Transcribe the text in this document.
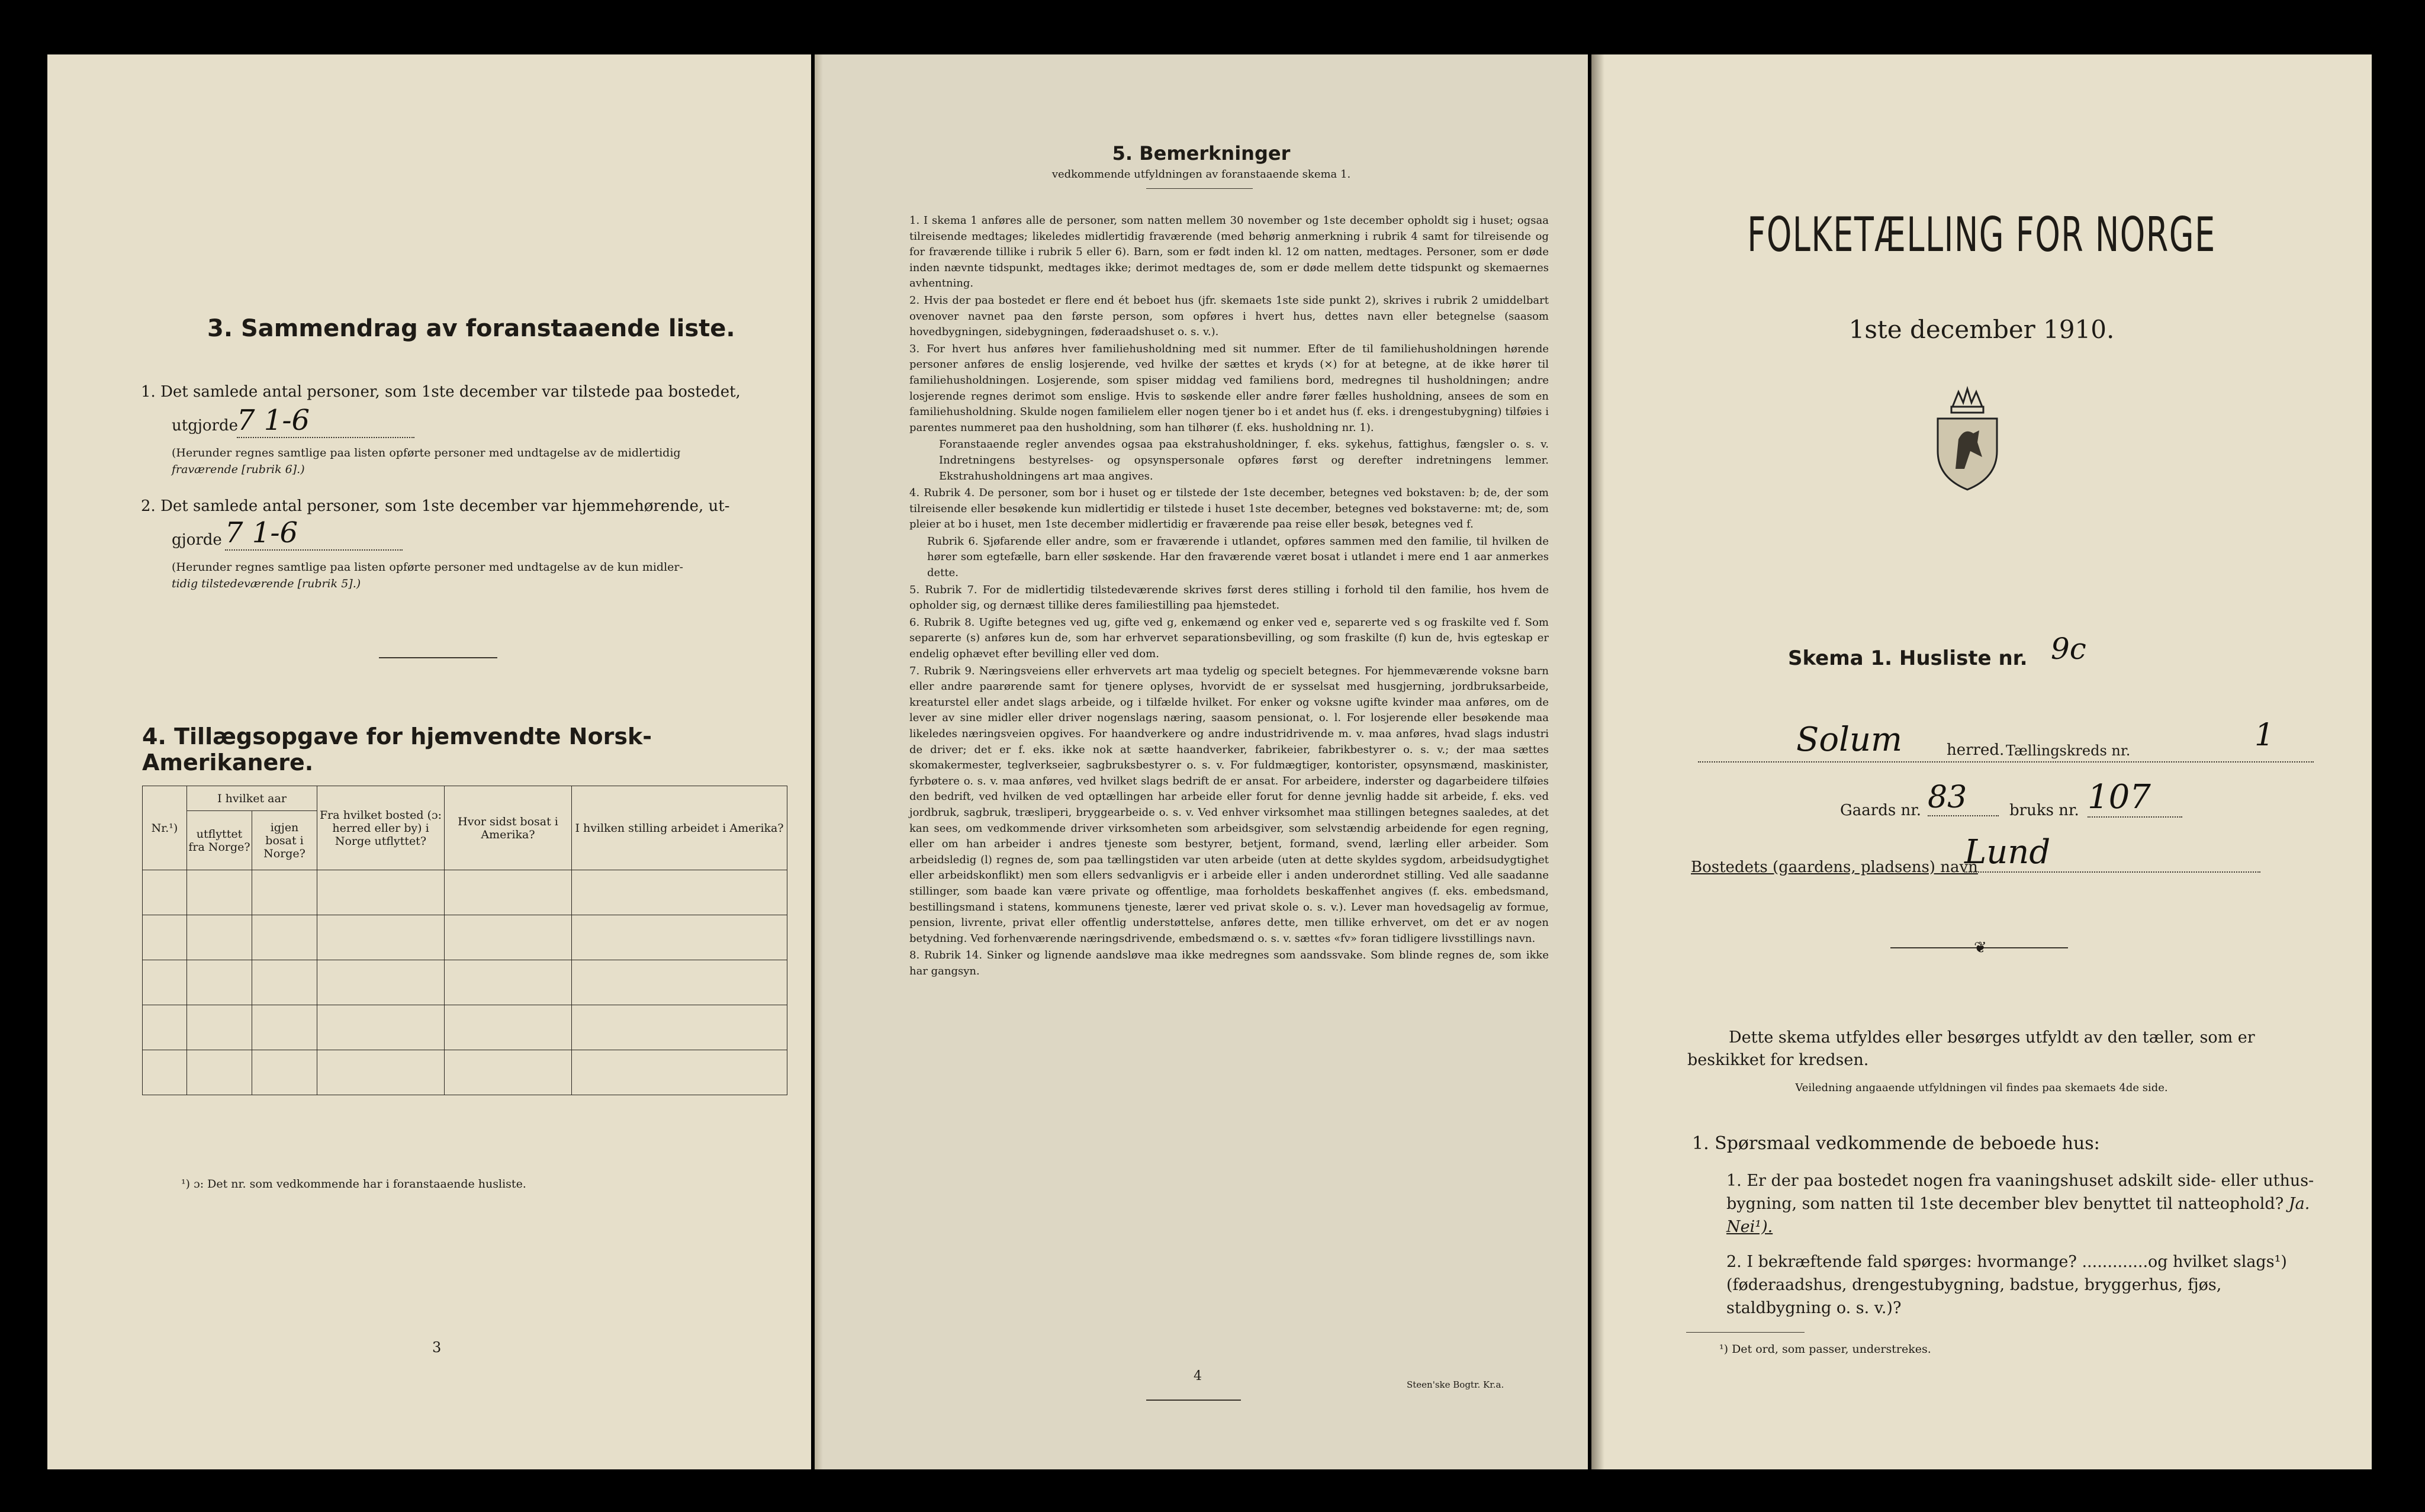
3. Sammendrag av foranstaaende liste.
1. Det samlede antal personer, som 1ste december var tilstede paa bostedet,
utgjorde
7 1-6
(Herunder regnes samtlige paa listen opførte personer med undtagelse av de midlertidig
fraværende [rubrik 6].)
2. Det samlede antal personer, som 1ste december var hjemmehørende, ut-
gjorde 7 1-6
(Herunder regnes samtlige paa listen opførte personer med undtagelse av de kun midler-
tidig tilstedeværende [rubrik 5].)
4. Tillægsopgave for hjemvendte Norsk-Amerikanere.
Nr.¹)	I hvilket aar		Fra hvilket bosted (ɔ: herred eller by) i Norge utflyttet?	Hvor sidst bosat i Amerika?	I hvilken stilling arbeidet i Amerika?
	utflyttet fra Norge?	igjen bosat i Norge?			

¹) ɔ: Det nr. som vedkommende har i foranstaaende husliste.
3
5. Bemerkninger
vedkommende utfyldningen av foranstaaende skema 1.

1. I skema 1 anføres alle de personer, som natten mellem 30 november og 1ste december opholdt sig i huset; ogsaa tilreisende medtages; likeledes midlertidig fraværende (med behørig anmerkning i rubrik 4 samt for tilreisende og for fraværende tillike i rubrik 5 eller 6). Barn, som er født inden kl. 12 om natten, medtages. Personer, som er døde inden nævnte tidspunkt, medtages ikke; derimot medtages de, som er døde mellem dette tidspunkt og skemaernes avhentning.

2. Hvis der paa bostedet er flere end ét beboet hus (jfr. skemaets 1ste side punkt 2), skrives i rubrik 2 umiddelbart ovenover navnet paa den første person, som opføres i hvert hus, dettes navn eller betegnelse (saasom hovedbygningen, sidebygningen, føderaadshuset o. s. v.).

3. For hvert hus anføres hver familiehusholdning med sit nummer. Efter de til familiehusholdningen hørende personer anføres de enslig losjerende, ved hvilke der sættes et kryds (×) for at betegne, at de ikke hører til familiehusholdningen. Losjerende, som spiser middag ved familiens bord, medregnes til husholdningen; andre losjerende regnes derimot som enslige. Hvis to søskende eller andre fører fælles husholdning, ansees de som en familiehusholdning. Skulde nogen familielem eller nogen tjener bo i et andet hus (f. eks. i drengestubygning) tilføies i parentes nummeret paa den husholdning, som han tilhører (f. eks. husholdning nr. 1).

Foranstaaende regler anvendes ogsaa paa ekstrahusholdninger, f. eks. sykehus, fattighus, fængsler o. s. v. Indretningens bestyrelses- og opsynspersonale opføres først og derefter indretningens lemmer. Ekstrahusholdningens art maa angives.

4. Rubrik 4. De personer, som bor i huset og er tilstede der 1ste december, betegnes ved bokstaven: b; de, der som tilreisende eller besøkende kun midlertidig er tilstede i huset 1ste december, betegnes ved bokstaverne: mt; de, som pleier at bo i huset, men 1ste december midlertidig er fraværende paa reise eller besøk, betegnes ved f.

Rubrik 6. Sjøfarende eller andre, som er fraværende i utlandet, opføres sammen med den familie, til hvilken de hører som egtefælle, barn eller søskende. Har den fraværende været bosat i utlandet i mere end 1 aar anmerkes dette.

5. Rubrik 7. For de midlertidig tilstedeværende skrives først deres stilling i forhold til den familie, hos hvem de opholder sig, og dernæst tillike deres familiestilling paa hjemstedet.

6. Rubrik 8. Ugifte betegnes ved ug, gifte ved g, enkemænd og enker ved e, separerte ved s og fraskilte ved f. Som separerte (s) anføres kun de, som har erhvervet separationsbevilling, og som fraskilte (f) kun de, hvis egteskap er endelig ophævet efter bevilling eller ved dom.

7. Rubrik 9. Næringsveiens eller erhvervets art maa tydelig og specielt betegnes. For hjemmeværende voksne barn eller andre paarørende samt for tjenere oplyses, hvorvidt de er sysselsat med husgjerning, jordbruksarbeide, kreaturstel eller andet slags arbeide, og i tilfælde hvilket. For enker og voksne ugifte kvinder maa anføres, om de lever av sine midler eller driver nogenslags næring, saasom pensionat, o. l. For losjerende eller besøkende maa likeledes næringsveien opgives. For haandverkere og andre industridrivende m. v. maa anføres, hvad slags industri de driver; det er f. eks. ikke nok at sætte haandverker, fabrikeier, fabrikbestyrer o. s. v.; der maa sættes skomakermester, teglverkseier, sagbruksbestyrer o. s. v. For fuldmægtiger, kontorister, opsynsmænd, maskinister, fyrbøtere o. s. v. maa anføres, ved hvilket slags bedrift de er ansat. For arbeidere, inderster og dagarbeidere tilføies den bedrift, ved hvilken de ved optællingen har arbeide eller forut for denne jevnlig hadde sit arbeide, f. eks. ved jordbruk, sagbruk, træsliperi, bryggearbeide o. s. v. Ved enhver virksomhet maa stillingen betegnes saaledes, at det kan sees, om vedkommende driver virksomheten som arbeidsgiver, som selvstændig arbeidende for egen regning, eller om han arbeider i andres tjeneste som bestyrer, betjent, formand, svend, lærling eller arbeider. Som arbeidsledig (l) regnes de, som paa tællingstiden var uten arbeide (uten at dette skyldes sygdom, arbeidsudygtighet eller arbeidskonflikt) men som ellers sedvanligvis er i arbeide eller i anden underordnet stilling. Ved alle saadanne stillinger, som baade kan være private og offentlige, maa forholdets beskaffenhet angives (f. eks. embedsmand, bestillingsmand i statens, kommunens tjeneste, lærer ved privat skole o. s. v.). Lever man hovedsagelig av formue, pension, livrente, privat eller offentlig understøttelse, anføres dette, men tillike erhvervet, om det er av nogen betydning. Ved forhenværende næringsdrivende, embedsmænd o. s. v. sættes «fv» foran tidligere livsstillings navn.

8. Rubrik 14. Sinker og lignende aandsløve maa ikke medregnes som aandssvake. Som blinde regnes de, som ikke har gangsyn.

4
Steen'ske Bogtr. Kr.a.
FOLKETÆLLING FOR NORGE
1ste december 1910.
Skema 1. Husliste nr. 9c
Solum	herred. Tællingskreds nr.	1
Gaards nr. 83	bruks nr. 107
Bostedets (gaardens, pladsens) navn
Lund
❦
Dette skema utfyldes eller besørges utfyldt av den tæller, som er beskikket for kredsen.
Veiledning angaaende utfyldningen vil findes paa skemaets 4de side.
1. Spørsmaal vedkommende de beboede hus:
1. Er der paa bostedet nogen fra vaaningshuset adskilt side- eller uthus-bygning, som natten til 1ste december blev benyttet til natteophold? Ja. Nei¹).
2. I bekræftende fald spørges: hvormange? .............og hvilket slags¹) (føderaadshus, drengestubygning, badstue, bryggerhus, fjøs, staldbygning o. s. v.)?
¹) Det ord, som passer, understrekes.
